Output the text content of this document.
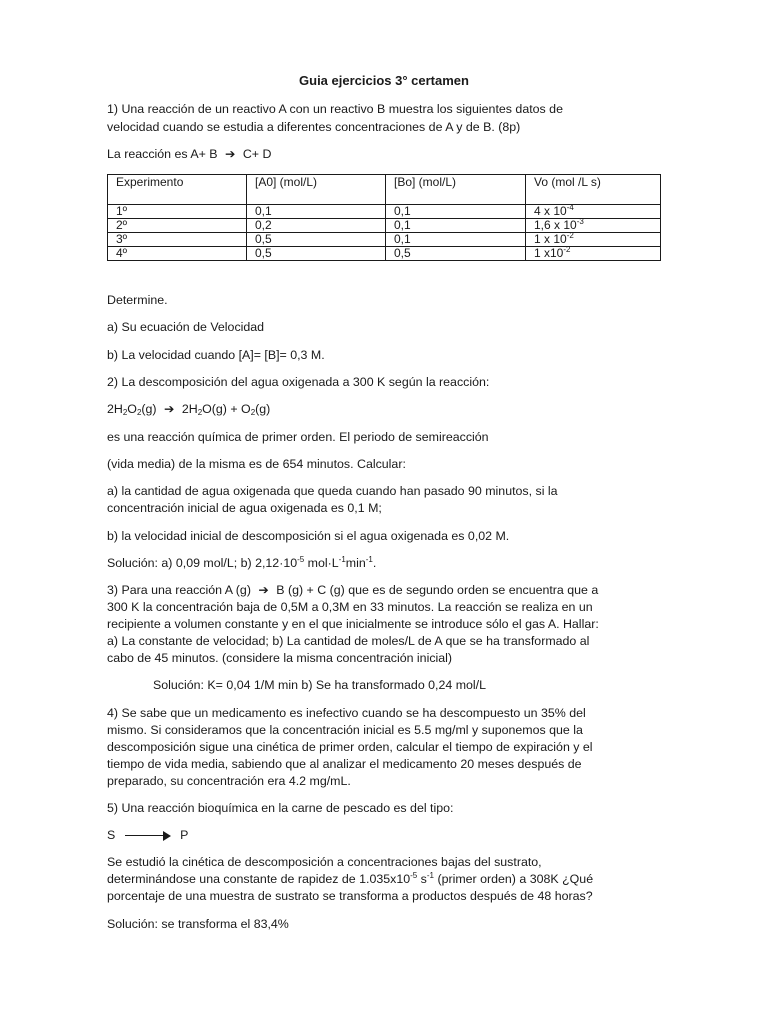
Guia ejercicios 3° certamen
1) Una reacción de un reactivo A con un reactivo B muestra los siguientes datos de
velocidad cuando se estudia a diferentes concentraciones de A y de B. (8p)
La reacción es A+ B ➔ C+ D
Experimento	[A0] (mol/L)	[Bo] (mol/L)	Vo (mol /L s)
1º	0,1	0,1	4 x $10^{-4}$
2º	0,2	0,1	1,6 x $10^{-3}$
3º	0,5	0,1	1 x $10^{-2}$
4º	0,5	0,5	1 $x10^{-2}$
Determine.
a) Su ecuación de Velocidad
b) La velocidad cuando [A]= [B]= 0,3 M.
2) La descomposición del agua oxigenada a 300 K según la reacción:
$2H_2O_2(g)$ ➔ $2H_2O(g) + O_2(g)$
es una reacción química de primer orden. El periodo de semireacción
(vida media) de la misma es de 654 minutos. Calcular:
a) la cantidad de agua oxigenada que queda cuando han pasado 90 minutos, si la
concentración inicial de agua oxigenada es 0,1 M;
b) la velocidad inicial de descomposición si el agua oxigenada es 0,02 M.
Solución: a) 0,09 mol/L; b) $2,12\cdot 10^{-5}$ $mol\cdot L^{-1}\min^{-1}$.
3) Para una reacción A (g) ➔ B (g) + C (g) que es de segundo orden se encuentra que a
300 K la concentración baja de 0,5M a 0,3M en 33 minutos. La reacción se realiza en un
recipiente a volumen constante y en el que inicialmente se introduce sólo el gas A. Hallar:
a) La constante de velocidad; b) La cantidad de moles/L de A que se ha transformado al
cabo de 45 minutos. (considere la misma concentración inicial)
Solución: K= 0,04 1/M min b) Se ha transformado 0,24 mol/L
4) Se sabe que un medicamento es inefectivo cuando se ha descompuesto un 35% del
mismo. Si consideramos que la concentración inicial es 5.5 mg/ml y suponemos que la
descomposición sigue una cinética de primer orden, calcular el tiempo de expiración y el
tiempo de vida media, sabiendo que al analizar el medicamento 20 meses después de
preparado, su concentración era 4.2 mg/mL.
5) Una reacción bioquímica en la carne de pescado es del tipo:
S	P
Se estudió la cinética de descomposición a concentraciones bajas del sustrato,
determinándose una constante de rapidez de $1.035x10^{-5}$ $s^{-1}$ (primer orden) a 308K ¿Qué
porcentaje de una muestra de sustrato se transforma a productos después de 48 horas?
Solución: se transforma el 83,4%
